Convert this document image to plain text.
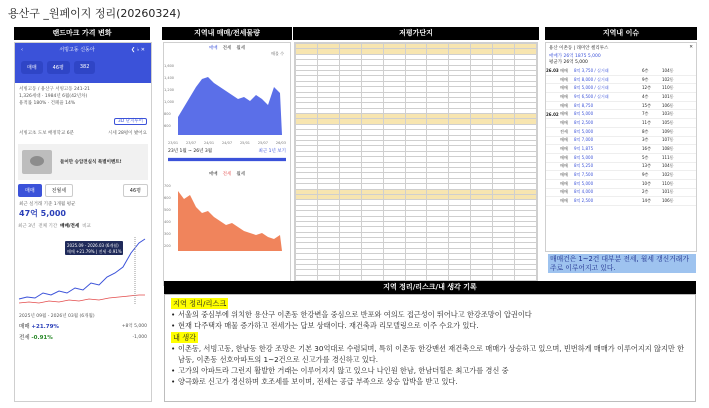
용산구 _원페이지 정리(20260324)
랜드마크 가격 변화	지역내 매매/전세물량	저평가단지	지역내 이슈
‹	서빙고동 신동아	❮ ♭ ✕
매매	46평	382
서빙고동 / 용산구 서빙고동 241-21
1,326세대 · 1984년 6월(42년차)
용적률 180% · 건폐율 14%
3D 단지투어
서빙고초 도보 배정학교 6분	시세 28평이 봤어요
들어만 승압전실식 특별이벤트!
매매	전월세	46평
최근 실거래 기준 1개월 평균
47억 5,000
최근 3년 전체 기간 매매/전세 비교
2025.09 - 2026.03 (6개월)
매매 +21.79% | 전세 -0.91%
2025년 09월 - 2026년 03월 (6개월)
매매 +21.79%	+8억 5,000
전세 -0.91%	-1,000
매매 전세 월세
매물 수
1,600
1,400
1,200
1,000
800
600
23/01 23/07 24/01 24/07 25/01 25/07 26/03
23년 1월 ~ 26년 3월	최근 1년 보기
매매 전세 월세
700
600
500
400
300
200

용산 이촌동 | 래미안 첼리투스	✕
매매가 26억 1875 5,000
평균가 26억 5,000
26.03 매매	8억 3,750 / 실거래	6층	104동
매매	8억 8,000 / 실거래	9층	102동
매매	8억 5,000 / 실거래	12층	110동
매매	9억 6,500 / 실거래	4층	101동
매매	8억 8,750	15층	106동
26.02 매매	8억 5,000	7층	103동
매매	8억 2,500	11층	105동
전세	8억 5,000	8층	109동
매매	8억 7,000	3층	107동
매매	9억 1,875	16층	108동
매매	8억 5,000	5층	111동
매매	8억 5,250	13층	104동
매매	8억 7,500	9층	102동
매매	8억 5,000	10층	110동
매매	8억 4,000	2층	101동
매매	8억 2,500	14층	106동
매매건은 1~2건 대부분 전세, 월세 갱신거래가 주로 이루어지고 있다.
지역 정리/리스크/내 생각 기록
지역 정리/리스크
• 서울의 중심부에 위치한 용산구 이촌동 한강변을 중심으로 반포와 여의도 접근성이 뛰어나고 한강조망이 압권이다
• 현재 다주택자 매물 증가하고 전세가는 답보 상태이다. 재건축과 리모델링으로 이주 수요가 있다.
내 생각
• 이촌동, 서빙고동, 한남동 한강 조망은 기본 30억대로 수렴되며, 특히 이촌동 한강맨션 재건축으로 매매가 상승하고 있으며, 빈번하게 매매가 이루어지지 않지만 한남동, 이촌동 선호아파트의 1~2건으로 신고가를 경신하고 있다.
• 고가의 아파트라 그런지 활발한 거래는 이루어지지 않고 있으나 나인원 한남, 한남더힐은 최고가를 경신 중
• 양극화로 신고가 경신하며 호조세를 보이며, 전세는 공급 부족으로 상승 압박을 받고 있다.
